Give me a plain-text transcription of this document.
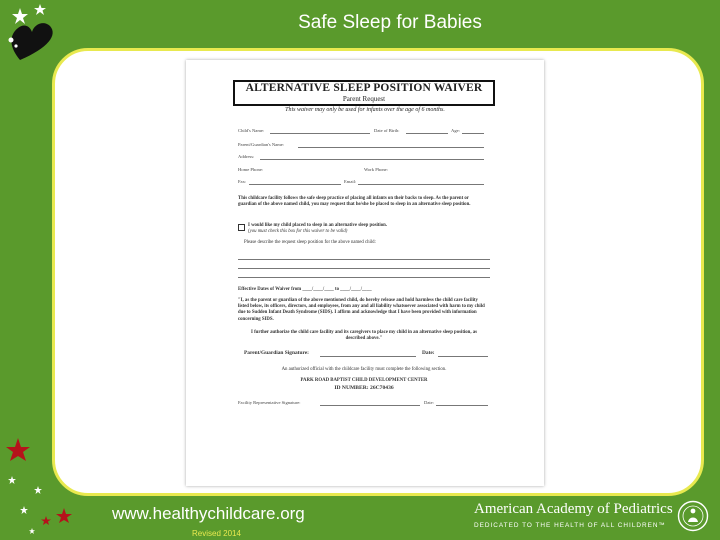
Safe Sleep for Babies
ALTERNATIVE SLEEP POSITION WAIVER
Parent Request
This waiver may only be used for infants over the age of 6 months.
Child's Name:	Date of Birth:	Age:
Parent/Guardian's Name:
Address:
Home Phone:	Work Phone:
Fax:	Email:
This childcare facility follows the safe sleep practice of placing all infants on their backs to sleep. As the parent or guardian of the above named child, you may request that he/she be placed to sleep in an alternative sleep position.
I would like my child placed to sleep in an alternative sleep position.
(you must check this box for this waiver to be valid)
Please describe the request sleep position for the above named child:
Effective Dates of Waiver from ____/____/____ to ____/____/____
"I, as the parent or guardian of the above mentioned child, do hereby release and hold harmless the child care facility listed below, its officers, directors, and employees, from any and all liability whatsoever associated with harm to my child due to Sudden Infant Death Syndrome (SIDS). I affirm and acknowledge that I have been provided with information concerning SIDS.
I further authorize the child care facility and its caregivers to place my child in an alternative sleep position, as described above."
Parent/Guardian Signature:	Date:
An authorized official with the childcare facility must complete the following section.
PARK ROAD BAPTIST CHILD DEVELOPMENT CENTER
ID NUMBER: 26C70436
Facility Representative Signature:	Date:
www.healthychildcare.org
Revised 2014
American Academy of Pediatrics
DEDICATED TO THE HEALTH OF ALL CHILDREN™
